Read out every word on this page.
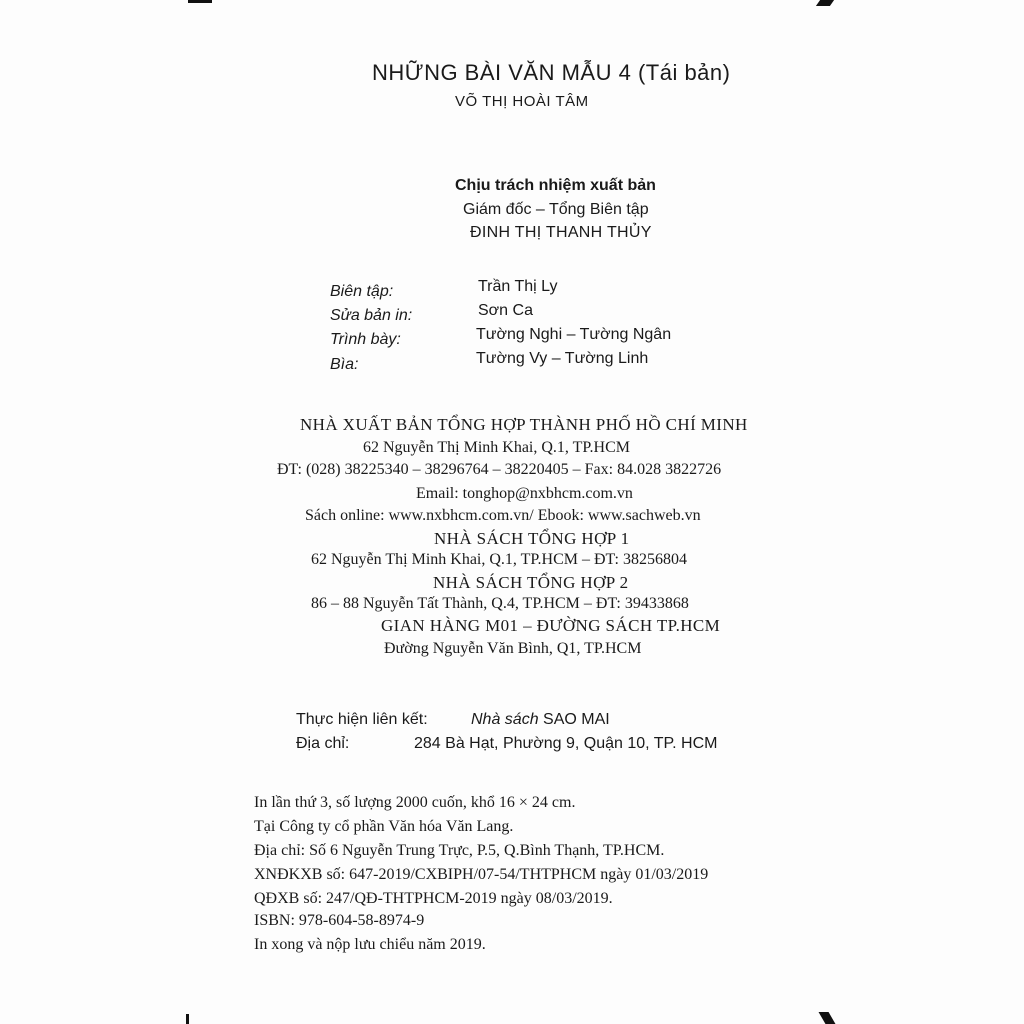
NHỮNG BÀI VĂN MẪU 4 (Tái bản)
VÕ THỊ HOÀI TÂM
Chịu trách nhiệm xuất bản
Giám đốc – Tổng Biên tập
ĐINH THỊ THANH THỦY
Biên tập:	Trần Thị Ly
Sửa bản in:	Sơn Ca
Trình bày:	Tường Nghi – Tường Ngân
Bìa:	Tường Vy – Tường Linh
NHÀ XUẤT BẢN TỔNG HỢP THÀNH PHỐ HỒ CHÍ MINH
62 Nguyễn Thị Minh Khai, Q.1, TP.HCM
ĐT: (028) 38225340 – 38296764 – 38220405 – Fax: 84.028 3822726
Email: tonghop@nxbhcm.com.vn
Sách online: www.nxbhcm.com.vn/ Ebook: www.sachweb.vn
NHÀ SÁCH TỔNG HỢP 1
62 Nguyễn Thị Minh Khai, Q.1, TP.HCM – ĐT: 38256804
NHÀ SÁCH TỔNG HỢP 2
86 – 88 Nguyễn Tất Thành, Q.4, TP.HCM – ĐT: 39433868
GIAN HÀNG M01 – ĐƯỜNG SÁCH TP.HCM
Đường Nguyễn Văn Bình, Q1, TP.HCM
Thực hiện liên kết:	Nhà sách SAO MAI
Địa chỉ:	284 Bà Hạt, Phường 9, Quận 10, TP. HCM
In lần thứ 3, số lượng 2000 cuốn, khổ 16 × 24 cm.
Tại Công ty cổ phần Văn hóa Văn Lang.
Địa chỉ: Số 6 Nguyễn Trung Trực, P.5, Q.Bình Thạnh, TP.HCM.
XNĐKXB số: 647-2019/CXBIPH/07-54/THTPHCM ngày 01/03/2019
QĐXB số: 247/QĐ-THTPHCM-2019 ngày 08/03/2019.
ISBN: 978-604-58-8974-9
In xong và nộp lưu chiểu năm 2019.
